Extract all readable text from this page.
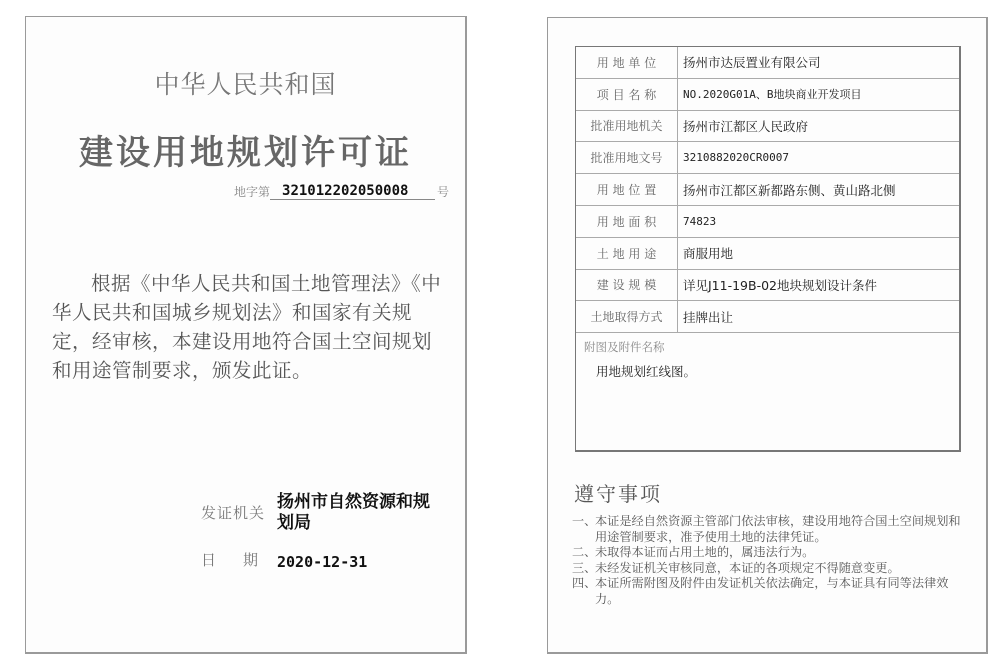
中华人民共和国
建设用地规划许可证
地字第 321012202050008	号
根据《中华人民共和国土地管理法》《中
华人民共和国城乡规划法》和国家有关规定，经审核，本建设用地符合国土空间规划和用途管制要求，颁发此证。
发证机关
扬州市自然资源和规划局
日 期 2020-12-31
用 地 单 位	扬州市达辰置业有限公司
项 目 名 称	NO.2020G01A、B地块商业开发项目
批准用地机关	扬州市江都区人民政府
批准用地文号	3210882020CR0007
用 地 位 置	扬州市江都区新都路东侧、黄山路北侧
用 地 面 积	74823
土 地 用 途	商服用地
建 设 规 模	详见J11-19B-02地块规划设计条件
土地取得方式	挂牌出让
附图及附件名称
用地规划红线图。
遵守事项
一、
本证是经自然资源主管部门依法审核，建设用地符合国土空间规划和用途管制要求，准予使用土地的法律凭证。
二、
未取得本证而占用土地的，属违法行为。
三、
未经发证机关审核同意，本证的各项规定不得随意变更。
四、
本证所需附图及附件由发证机关依法确定，与本证具有同等法律效力。
